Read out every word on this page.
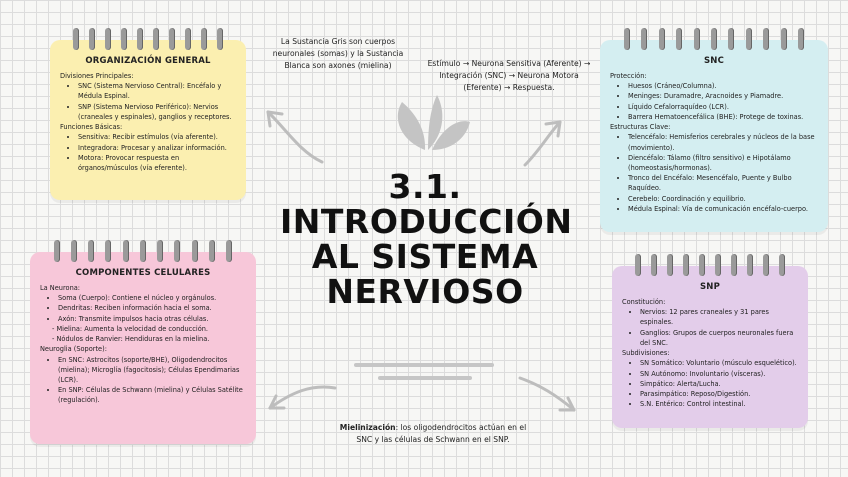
ORGANIZACIÓN GENERAL
Divisiones Principales:
• SNC (Sistema Nervioso Central): Encéfalo y Médula Espinal.
• SNP (Sistema Nervioso Periférico): Nervios (craneales y espinales), ganglios y receptores.
Funciones Básicas:
• Sensitiva: Recibir estímulos (vía aferente).
• Integradora: Procesar y analizar información.
• Motora: Provocar respuesta en órganos/músculos (vía eferente).
SNC
Protección:
• Huesos (Cráneo/Columna).
• Meninges: Duramadre, Aracnoides y Piamadre.
• Líquido Cefalorraquídeo (LCR).
• Barrera Hematoencefálica (BHE): Protege de toxinas.
Estructuras Clave:
• Telencéfalo: Hemisferios cerebrales y núcleos de la base (movimiento).
• Diencéfalo: Tálamo (filtro sensitivo) e Hipotálamo (homeostasis/hormonas).
• Tronco del Encéfalo: Mesencéfalo, Puente y Bulbo Raquídeo.
• Cerebelo: Coordinación y equilibrio.
• Médula Espinal: Vía de comunicación encéfalo-cuerpo.
COMPONENTES CELULARES
La Neurona:
• Soma (Cuerpo): Contiene el núcleo y orgánulos.
• Dendritas: Reciben información hacia el soma.
• Axón: Transmite impulsos hacia otras células.
- Mielina: Aumenta la velocidad de conducción.
- Nódulos de Ranvier: Hendiduras en la mielina.
Neuroglia (Soporte):
• En SNC: Astrocitos (soporte/BHE), Oligodendrocitos (mielina); Microglía (fagocitosis); Células Ependimarias (LCR).
• En SNP: Células de Schwann (mielina) y Células Satélite (regulación).
SNP
Constitución:
• Nervios: 12 pares craneales y 31 pares espinales.
• Ganglios: Grupos de cuerpos neuronales fuera del SNC.
Subdivisiones:
• SN Somático: Voluntario (músculo esquelético).
• SN Autónomo: Involuntario (vísceras).
• Simpático: Alerta/Lucha.
• Parasimpático: Reposo/Digestión.
• S.N. Entérico: Control intestinal.
La Sustancia Gris son cuerpos neuronales (somas) y la Sustancia Blanca son axones (mielina)	Estímulo → Neurona Sensitiva (Aferente) → Integración (SNC) → Neurona Motora (Eferente) → Respuesta.
Mielinización: los oligodendrocitos actúan en el SNC y las células de Schwann en el SNP.
3.1.
INTRODUCCIÓN
AL SISTEMA
NERVIOSO
